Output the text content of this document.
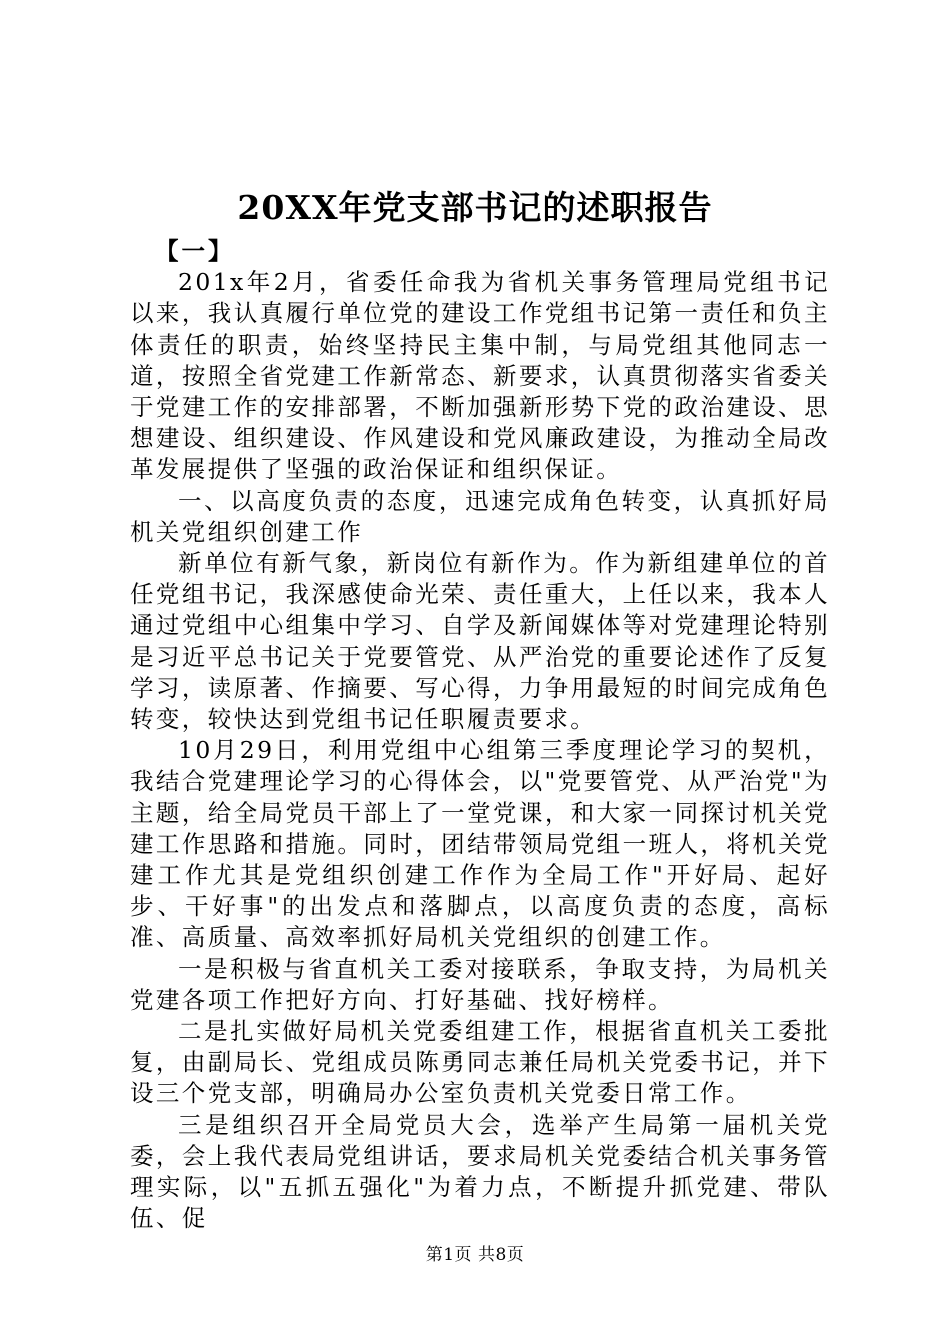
20XX年党支部书记的述职报告

【一】

201x年2月，省委任命我为省机关事务管理局党组书记以来，我认真履行单位党的建设工作党组书记第一责任和负主体责任的职责，始终坚持民主集中制，与局党组其他同志一道，按照全省党建工作新常态、新要求，认真贯彻落实省委关于党建工作的安排部署，不断加强新形势下党的政治建设、思想建设、组织建设、作风建设和党风廉政建设，为推动全局改革发展提供了坚强的政治保证和组织保证。

一、以高度负责的态度，迅速完成角色转变，认真抓好局机关党组织创建工作

新单位有新气象，新岗位有新作为。作为新组建单位的首任党组书记，我深感使命光荣、责任重大，上任以来，我本人通过党组中心组集中学习、自学及新闻媒体等对党建理论特别是习近平总书记关于党要管党、从严治党的重要论述作了反复学习，读原著、作摘要、写心得，力争用最短的时间完成角色转变，较快达到党组书记任职履责要求。

10月29日，利用党组中心组第三季度理论学习的契机，我结合党建理论学习的心得体会，以"党要管党、从严治党"为主题，给全局党员干部上了一堂党课，和大家一同探讨机关党建工作思路和措施。同时，团结带领局党组一班人，将机关党建工作尤其是党组织创建工作作为全局工作"开好局、起好步、干好事"的出发点和落脚点，以高度负责的态度，高标准、高质量、高效率抓好局机关党组织的创建工作。

一是积极与省直机关工委对接联系，争取支持，为局机关党建各项工作把好方向、打好基础、找好榜样。

二是扎实做好局机关党委组建工作，根据省直机关工委批复，由副局长、党组成员陈勇同志兼任局机关党委书记，并下设三个党支部，明确局办公室负责机关党委日常工作。

三是组织召开全局党员大会，选举产生局第一届机关党委，会上我代表局党组讲话，要求局机关党委结合机关事务管理实际，以"五抓五强化"为着力点，不断提升抓党建、带队伍、促

第1页 共8页
